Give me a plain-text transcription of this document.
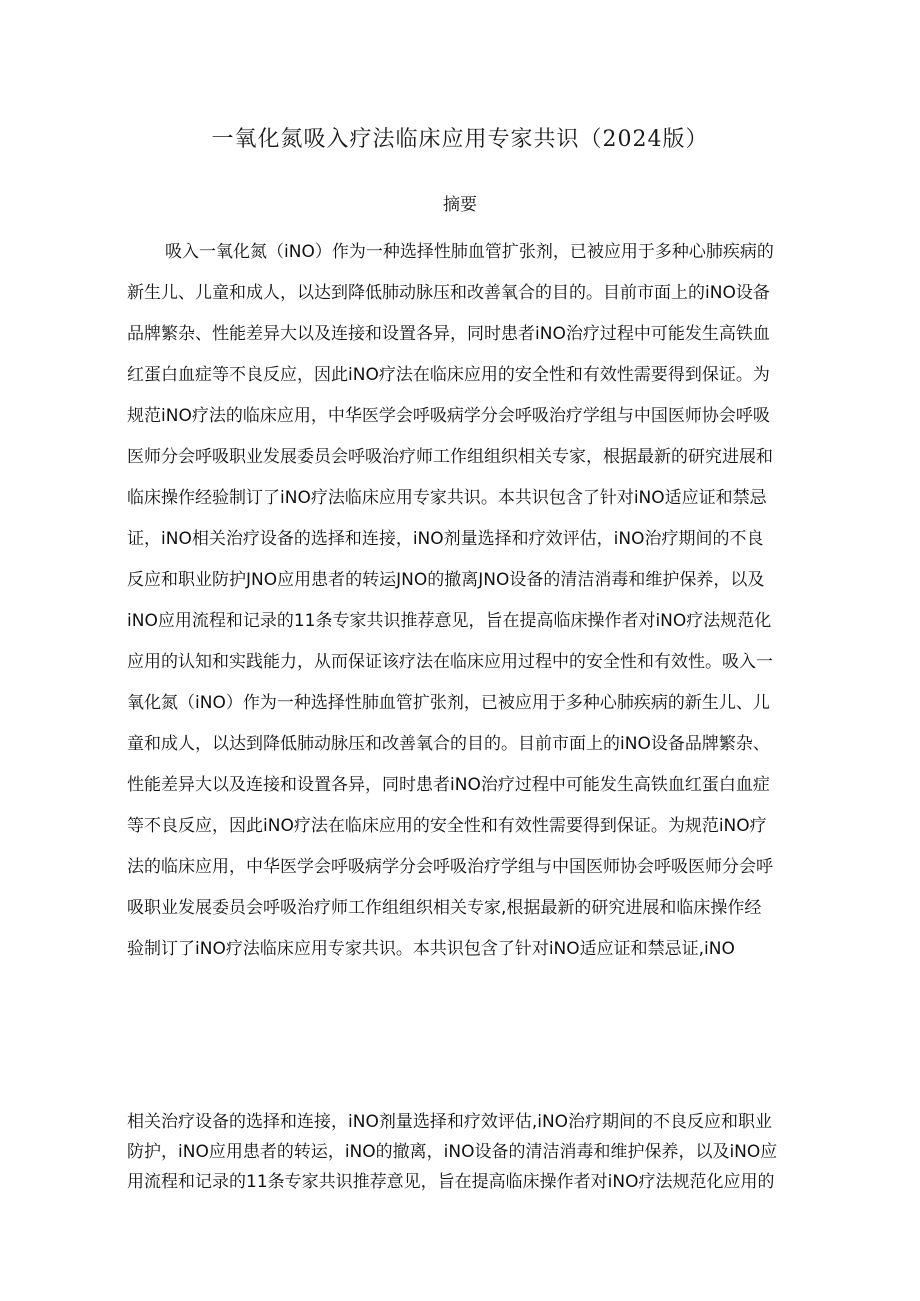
一氧化氮吸入疗法临床应用专家共识（2024版）
摘要
吸入一氧化氮（iNO）作为一种选择性肺血管扩张剂，已被应用于多种心肺疾病的
新生儿、儿童和成人，以达到降低肺动脉压和改善氧合的目的。目前市面上的iNO设备
品牌繁杂、性能差异大以及连接和设置各异，同时患者iNO治疗过程中可能发生高铁血
红蛋白血症等不良反应，因此iNO疗法在临床应用的安全性和有效性需要得到保证。为
规范iNO疗法的临床应用，中华医学会呼吸病学分会呼吸治疗学组与中国医师协会呼吸
医师分会呼吸职业发展委员会呼吸治疗师工作组组织相关专家，根据最新的研究进展和
临床操作经验制订了iNO疗法临床应用专家共识。本共识包含了针对iNO适应证和禁忌
证，iNO相关治疗设备的选择和连接，iNO剂量选择和疗效评估，iNO治疗期间的不良
反应和职业防护JNO应用患者的转运JNO的撤离JNO设备的清洁消毒和维护保养，以及
iNO应用流程和记录的11条专家共识推荐意见，旨在提高临床操作者对iNO疗法规范化
应用的认知和实践能力，从而保证该疗法在临床应用过程中的安全性和有效性。吸入一
氧化氮（iNO）作为一种选择性肺血管扩张剂，已被应用于多种心肺疾病的新生儿、儿
童和成人，以达到降低肺动脉压和改善氧合的目的。目前市面上的iNO设备品牌繁杂、
性能差异大以及连接和设置各异，同时患者iNO治疗过程中可能发生高铁血红蛋白血症
等不良反应，因此iNO疗法在临床应用的安全性和有效性需要得到保证。为规范iNO疗
法的临床应用，中华医学会呼吸病学分会呼吸治疗学组与中国医师协会呼吸医师分会呼
吸职业发展委员会呼吸治疗师工作组组织相关专家,根据最新的研究进展和临床操作经
验制订了iNO疗法临床应用专家共识。本共识包含了针对iNO适应证和禁忌证,iNO
相关治疗设备的选择和连接，iNO剂量选择和疗效评估,iNO治疗期间的不良反应和职业
防护，iNO应用患者的转运，iNO的撤离，iNO设备的清洁消毒和维护保养，以及iNO应
用流程和记录的11条专家共识推荐意见，旨在提高临床操作者对iNO疗法规范化应用的
